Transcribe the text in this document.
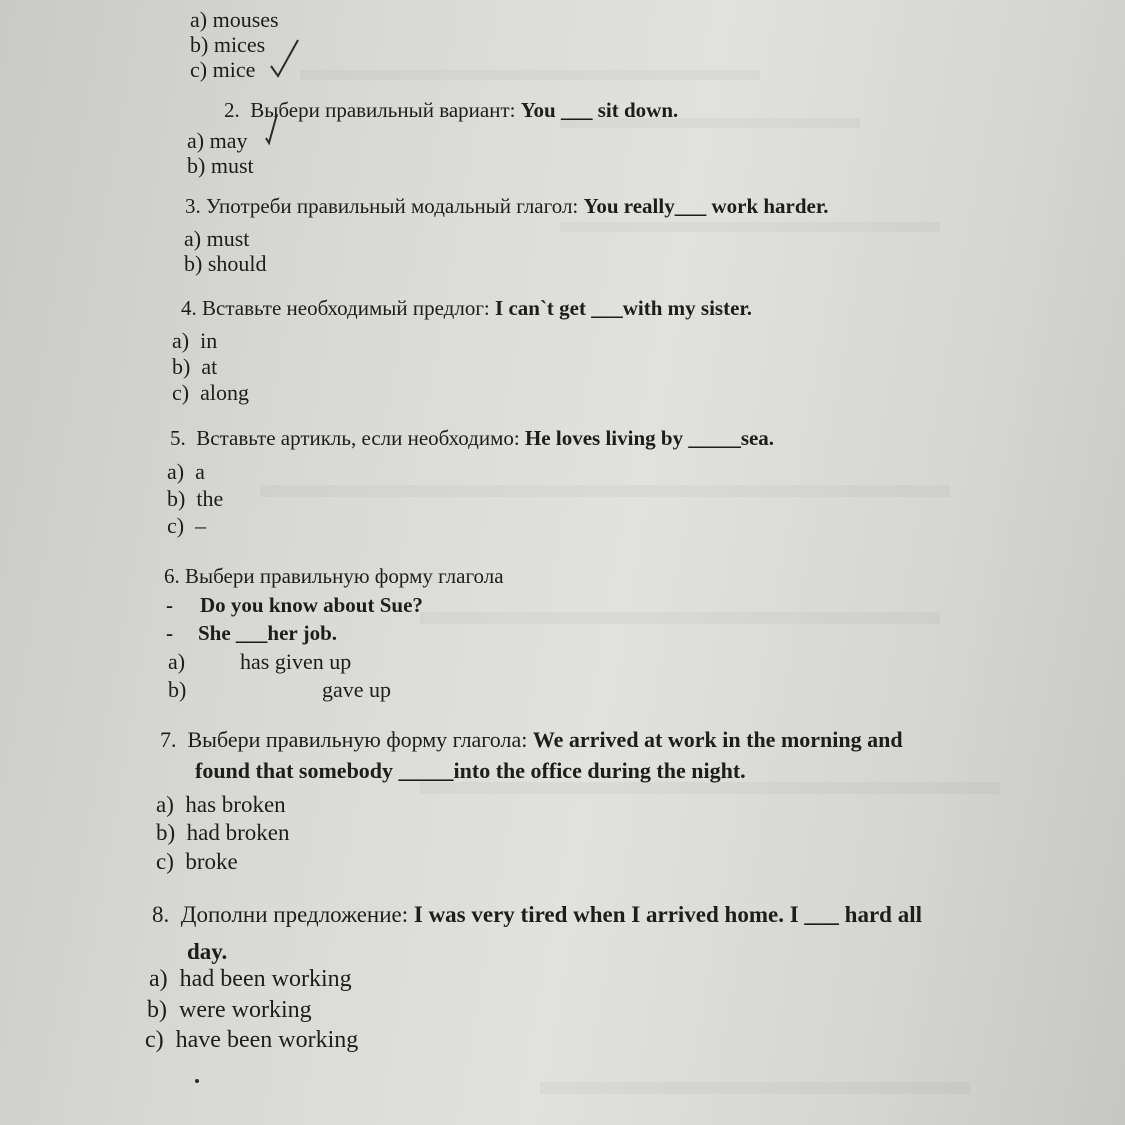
a) mouses
b) mices
c) mice
2. Выбери правильный вариант: You ___ sit down.
a) may
b) must
3. Употреби правильный модальный глагол: You really___ work harder.
a) must
b) should
4. Вставьте необходимый предлог: I can`t get ___with my sister.
a) in
b) at
c) along
5. Вставьте артикль, если необходимо: He loves living by _____sea.
a) a
b) the
c) –
6. Выбери правильную форму глагола
- Do you know about Sue?
- She ___her job.
a) has given up
b)	gave up
7. Выбери правильную форму глагола: We arrived at work in the morning and
found that somebody _____into the office during the night.
a) has broken
b) had broken
c) broke
8. Дополни предложение: I was very tired when I arrived home. I ___ hard all
day.
a) had been working
b) were working
c) have been working
